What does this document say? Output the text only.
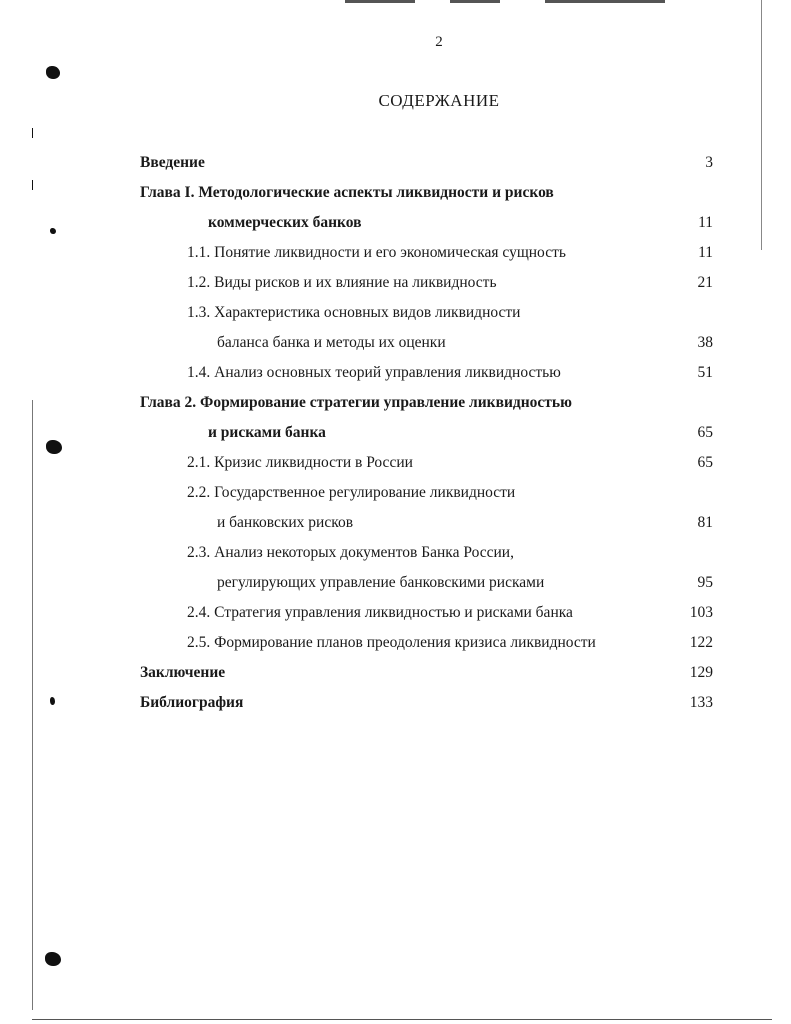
2
СОДЕРЖАНИЕ
Введение	3
Глава I. Методологические аспекты ликвидности и рисков
коммерческих банков	11
1.1. Понятие ликвидности и его экономическая сущность	11
1.2. Виды рисков и их влияние на ликвидность	21
1.3. Характеристика основных видов ликвидности
баланса банка и методы их оценки	38
1.4. Анализ основных теорий управления ликвидностью	51
Глава 2. Формирование стратегии управление ликвидностью
и рисками банка	65
2.1. Кризис ликвидности в России	65
2.2. Государственное регулирование ликвидности
и банковских рисков	81
2.3. Анализ некоторых документов Банка России,
регулирующих управление банковскими рисками	95
2.4. Стратегия управления ликвидностью и рисками банка	103
2.5. Формирование планов преодоления кризиса ликвидности	122
Заключение	129
Библиография	133
